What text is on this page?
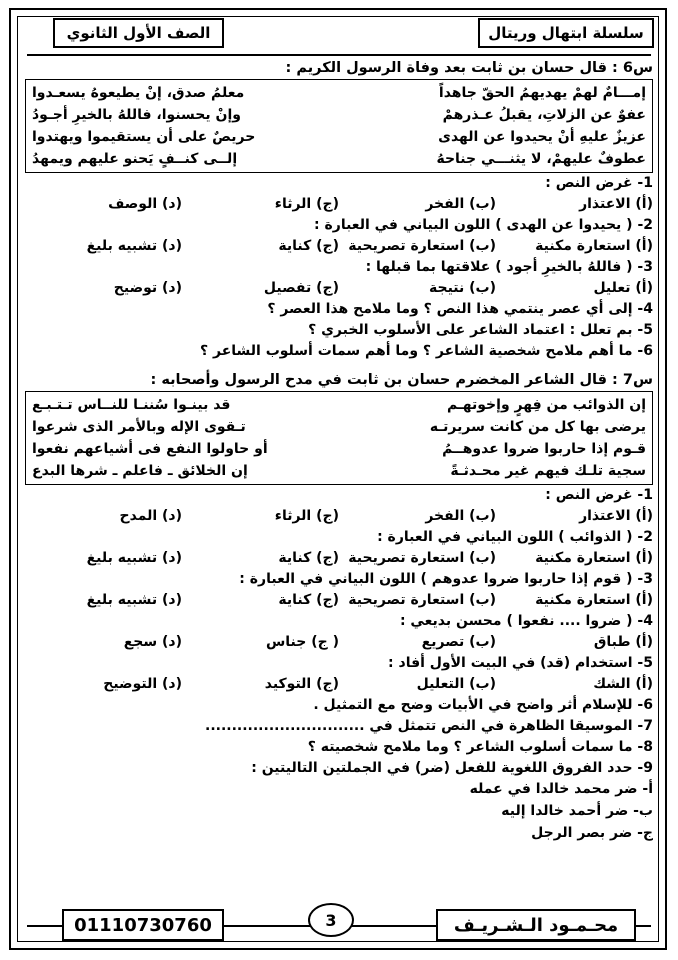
سلسلة ابتهال وريتال
الصف الأول الثانوي
س6 : قال حسان بن ثابت بعد وفاة الرسول الكريم :
إمـــامٌ لهمْ يهديهمُ الحقّ جاهداً
معلمُ صدق، إنْ يطيعوهُ يسعـدوا
عفوٌ عن الزلاتِ، يقبلُ عـذرهمْ
وإنْ يحسنوا، فاللهُ بالخيرِ أجـودُ
عزيزٌ عليهِ أنْ يحيدوا عن الهدى
حريصٌ على أن يستقيموا ويهتدوا
عطوفٌ عليهمْ، لا يثنـــي جناحهُ
إلــى كنــفٍ يَحنو عليهم ويمهدُ
1- غرض النص :
(أ) الاعتذار
(ب) الفخر
(ج) الرثاء
(د) الوصف
2- ( يحيدوا عن الهدى ) اللون البياني في العبارة :
(أ) استعارة مكنية
(ب) استعارة تصريحية
(ج) كناية
(د) تشبيه بليغ
3- ( فاللهُ بالخيرِ أجود ) علاقتها بما قبلها :
(أ) تعليل
(ب) نتيجة
(ج) تفصيل
(د) توضيح
4- إلى أي عصر ينتمي هذا النص ؟ وما ملامح هذا العصر ؟
5- بم تعلل : اعتماد الشاعر على الأسلوب الخبري ؟
6- ما أهم ملامح شخصية الشاعر ؟ وما أهم سمات أسلوب الشاعر ؟
س7 : قال الشاعر المخضرم حسان بن ثابت في مدح الرسول وأصحابه :
إن الذوائب من فِهرٍ وإخوتهـم
قد بينـوا سُننـا للنــاس تـتـبـع
يرضى بها كل من كانت سريرتـه
تـقوى الإله وبالأمر الذى شرعوا
قـوم إذا حاربوا ضروا عدوهــمُ
أو حاولوا النفع فى أشياعهم نفعوا
سجية تلـك فيهم غير محـدثـةً
إن الخلائق ـ فاعلم ـ شرها البدع
1- غرض النص :
(أ) الاعتذار
(ب) الفخر
(ج) الرثاء
(د) المدح
2- ( الذوائب ) اللون البياني في العبارة :
(أ) استعارة مكنية
(ب) استعارة تصريحية
(ج) كناية
(د) تشبيه بليغ
3- ( قوم إذا حاربوا ضروا عدوهم ) اللون البياني في العبارة :
(أ) استعارة مكنية
(ب) استعارة تصريحية
(ج) كناية
(د) تشبيه بليغ
4- ( ضروا .... نفعوا ) محسن بديعي :
(أ) طباق
(ب) تصريع
( ج) جناس
(د) سجع
5- استخدام (قد) في البيت الأول أفاد :
(أ) الشك
(ب) التعليل
(ج) التوكيد
(د) التوضيح
6- للإسلام أثر واضح في الأبيات وضح مع التمثيل .
7- الموسيقا الظاهرة في النص تتمثل في ..............................
8- ما سمات أسلوب الشاعر ؟ وما ملامح شخصيته ؟
9- حدد الفروق اللغوية للفعل (ضر) في الجملتين التاليتين :
أ- ضر محمد خالدا في عمله
ب- ضر أحمد خالدا إليه
ج- ضر بصر الرجل
محـمـود الـشـريـف
3
01110730760
